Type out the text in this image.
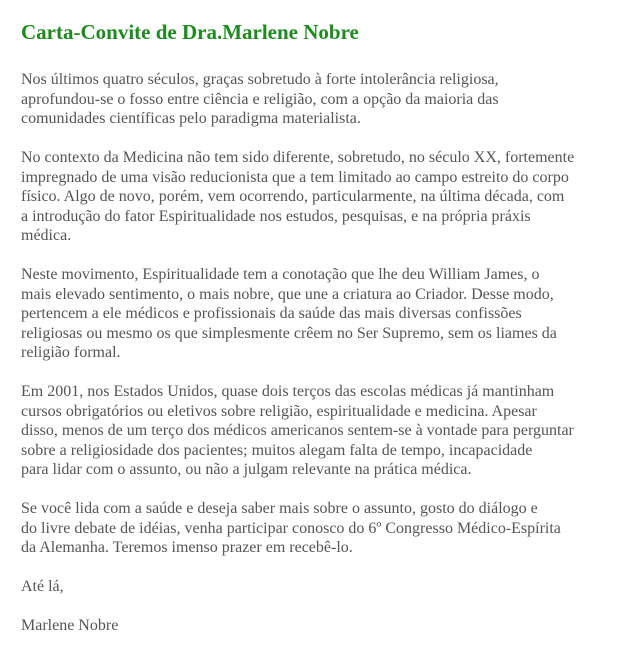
Carta-Convite de Dra.Marlene Nobre

Nos últimos quatro séculos, graças sobretudo à forte intolerância religiosa,
aprofundou-se o fosso entre ciência e religião, com a opção da maioria das
comunidades científicas pelo paradigma materialista.

No contexto da Medicina não tem sido diferente, sobretudo, no século XX, fortemente
impregnado de uma visão reducionista que a tem limitado ao campo estreito do corpo
físico. Algo de novo, porém, vem ocorrendo, particularmente, na última década, com
a introdução do fator Espiritualidade nos estudos, pesquisas, e na própria práxis
médica.

Neste movimento, Espiritualidade tem a conotação que lhe deu William James, o
mais elevado sentimento, o mais nobre, que une a criatura ao Criador. Desse modo,
pertencem a ele médicos e profissionais da saúde das mais diversas confissões
religiosas ou mesmo os que simplesmente crêem no Ser Supremo, sem os liames da
religião formal.

Em 2001, nos Estados Unidos, quase dois terços das escolas médicas já mantinham
cursos obrigatórios ou eletivos sobre religião, espiritualidade e medicina. Apesar
disso, menos de um terço dos médicos americanos sentem-se à vontade para perguntar
sobre a religiosidade dos pacientes; muitos alegam falta de tempo, incapacidade
para lidar com o assunto, ou não a julgam relevante na prática médica.

Se você lida com a saúde e deseja saber mais sobre o assunto, gosto do diálogo e
do livre debate de idéias, venha participar conosco do 6º Congresso Médico-Espírita
da Alemanha. Teremos imenso prazer em recebê-lo.

Até lá,

Marlene Nobre
